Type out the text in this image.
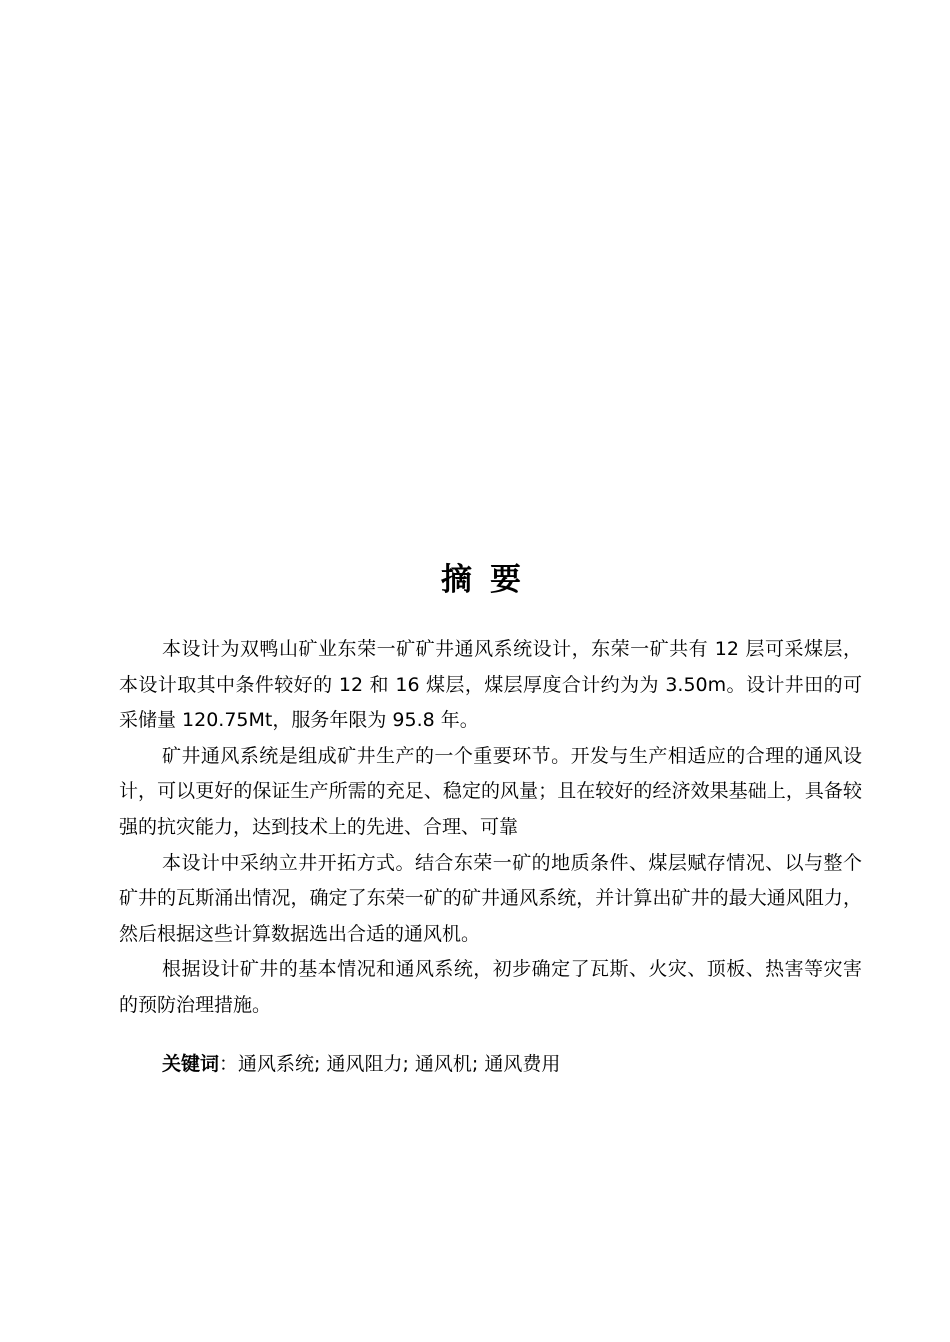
摘要

本设计为双鸭山矿业东荣一矿矿井通风系统设计，东荣一矿共有 12 层可采煤层，本设计取其中条件较好的 12 和 16 煤层，煤层厚度合计约为为 3.50m。设计井田的可采储量 120.75Mt，服务年限为 95.8 年。

矿井通风系统是组成矿井生产的一个重要环节。开发与生产相适应的合理的通风设计，可以更好的保证生产所需的充足、稳定的风量；且在较好的经济效果基础上，具备较强的抗灾能力，达到技术上的先进、合理、可靠

本设计中采纳立井开拓方式。结合东荣一矿的地质条件、煤层赋存情况、以与整个矿井的瓦斯涌出情况，确定了东荣一矿的矿井通风系统，并计算出矿井的最大通风阻力，然后根据这些计算数据选出合适的通风机。

根据设计矿井的基本情况和通风系统，初步确定了瓦斯、火灾、顶板、热害等灾害的预防治理措施。

关键词：通风系统; 通风阻力; 通风机; 通风费用
